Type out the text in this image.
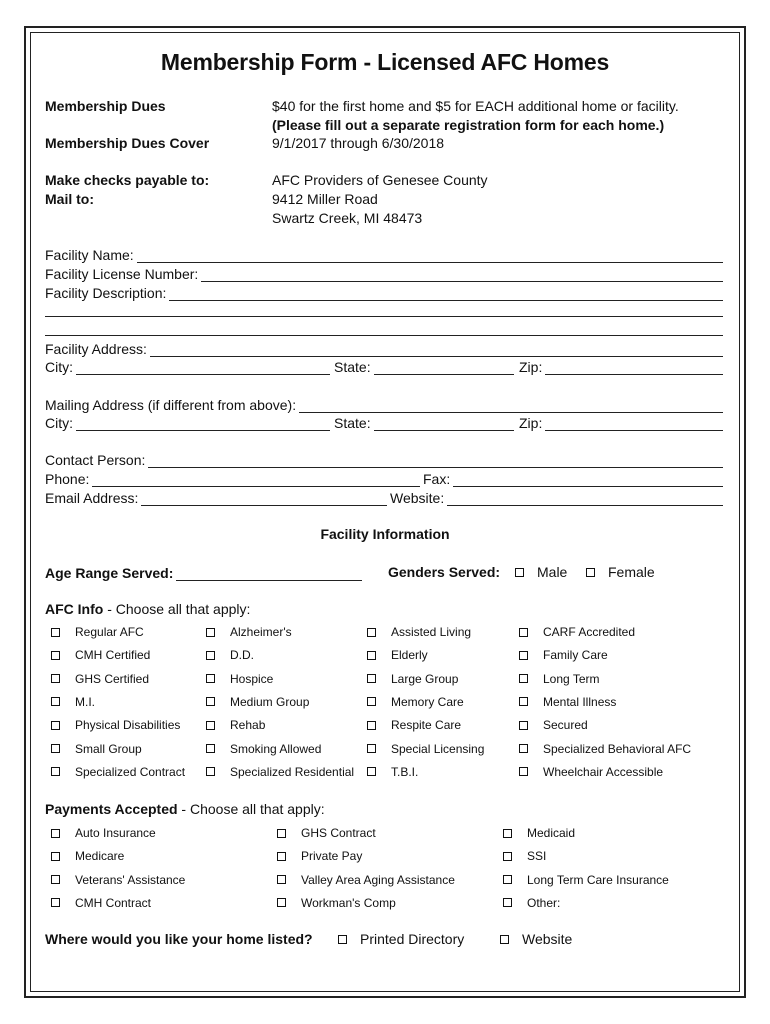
Membership Form - Licensed AFC Homes
Membership Dues	$40 for the first home and $5 for EACH additional home or facility.
(Please fill out a separate registration form for each home.)
Membership Dues Cover	9/1/2017 through 6/30/2018
Make checks payable to:	AFC Providers of Genesee County
Mail to:	9412 Miller Road
Swartz Creek, MI 48473
Facility Name:
Facility License Number:
Facility Description:
Facility Address:
City:	State:	Zip:
Mailing Address (if different from above):
City:	State:	Zip:
Contact Person:
Phone:	Fax:
Email Address:	Website:
Facility Information
Age Range Served:	Genders Served:	Male	Female
AFC Info - Choose all that apply:
Regular AFC
CMH Certified
GHS Certified
M.I.
Physical Disabilities
Small Group
Specialized Contract
Alzheimer's
D.D.
Hospice
Medium Group
Rehab
Smoking Allowed
Specialized Residential
Assisted Living
Elderly
Large Group
Memory Care
Respite Care
Special Licensing
T.B.I.
CARF Accredited
Family Care
Long Term
Mental Illness
Secured
Specialized Behavioral AFC
Wheelchair Accessible
Payments Accepted - Choose all that apply:
Auto Insurance
Medicare
Veterans' Assistance
CMH Contract
GHS Contract
Private Pay
Valley Area Aging Assistance
Workman's Comp
Medicaid
SSI
Long Term Care Insurance
Other:
Where would you like your home listed?	Printed Directory	Website
